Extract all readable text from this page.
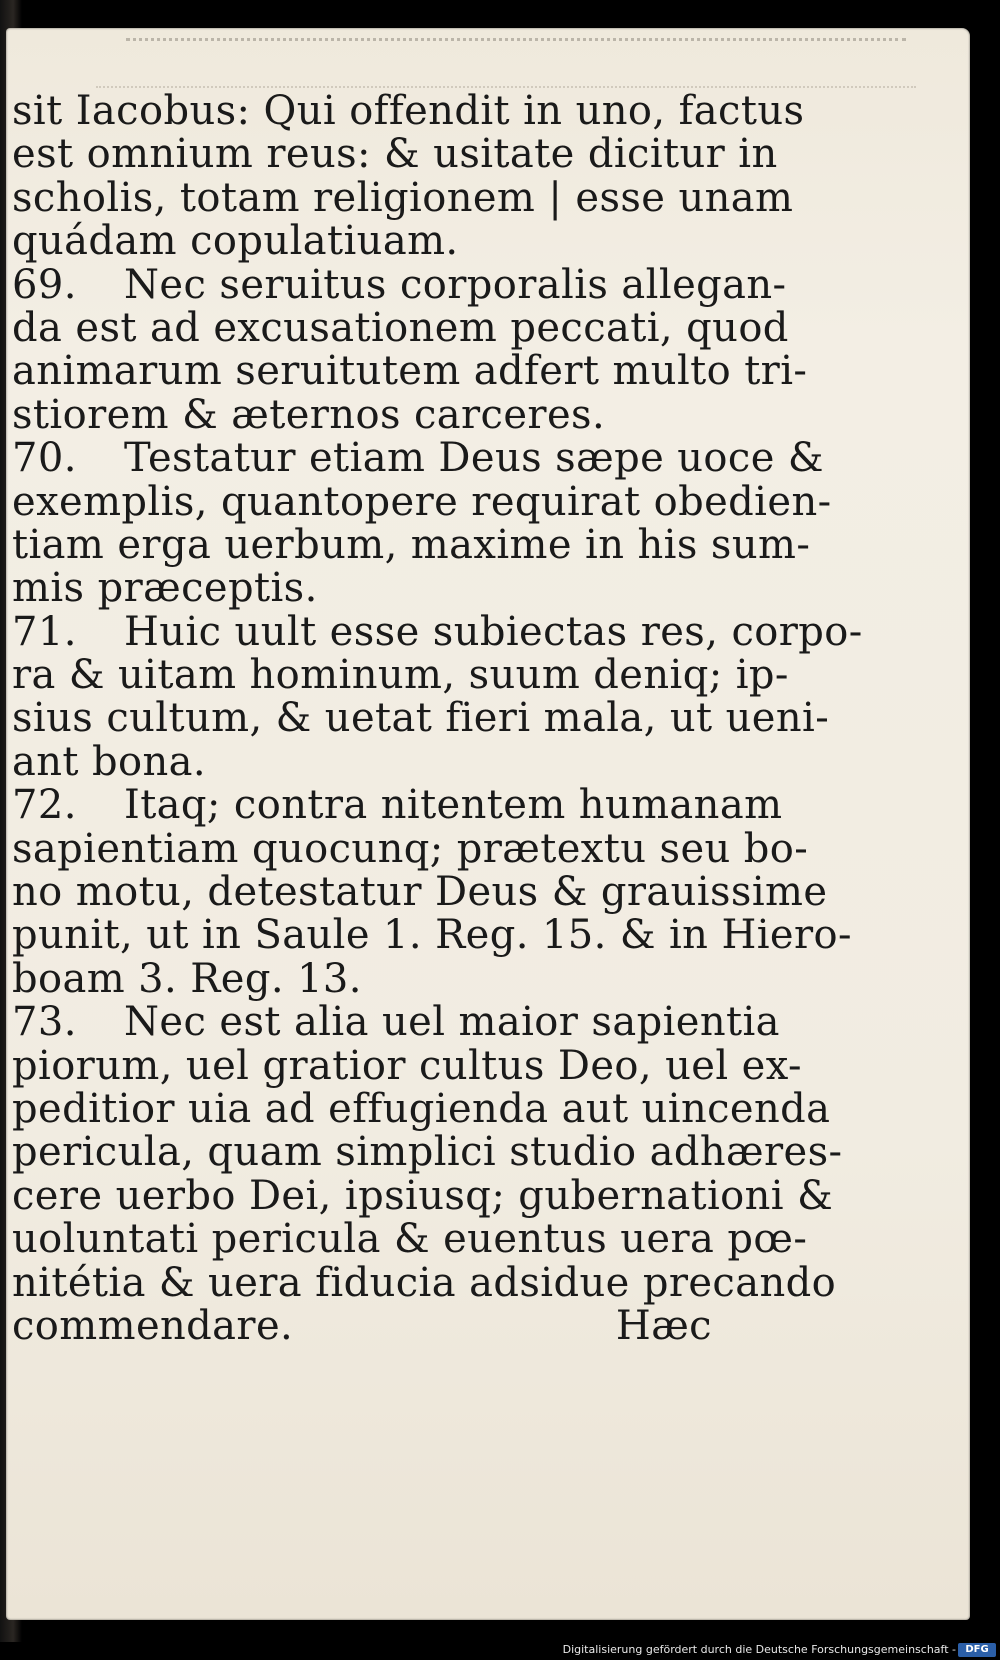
sit Iacobus: Qui offendit in uno, factus
est omnium reus: & usitate dicitur in
scholis, totam religionem | esse unam
quádam copulatiuam.
69. Nec seruitus corporalis allegan-
da est ad excusationem peccati, quod
animarum seruitutem adfert multo tri-
stiorem & æternos carceres.
70. Testatur etiam Deus sæpe uoce &
exemplis, quantopere requirat obedien-
tiam erga uerbum, maxime in his sum-
mis præceptis.
71. Huic uult esse subiectas res, corpo-
ra & uitam hominum, suum deniq; ip-
sius cultum, & uetat fieri mala, ut ueni-
ant bona.
72. Itaq; contra nitentem humanam
sapientiam quocunq; prætextu seu bo-
no motu, detestatur Deus & grauissime
punit, ut in Saule 1. Reg. 15. & in Hiero-
boam 3. Reg. 13.
73. Nec est alia uel maior sapientia
piorum, uel gratior cultus Deo, uel ex-
peditior uia ad effugienda aut uincenda
pericula, quam simplici studio adhæres-
cere uerbo Dei, ipsiusq; gubernationi &
uoluntati pericula & euentus uera pœ-
nitétia & uera fiducia adsidue precando
commendare.	Hæc
Digitalisierung gefördert durch die Deutsche Forschungsgemeinschaft - DFG
